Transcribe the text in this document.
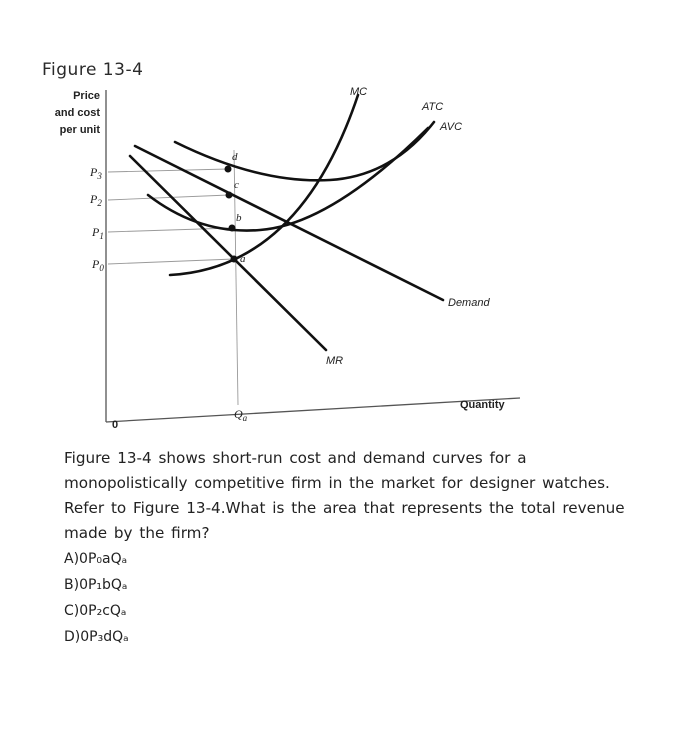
Figure 13-4
Price
and cost
per unit
d
c
b
a
MC
ATC
AVC
Demand
MR
Quantity
0
$P_3$
$P_2$
$P_1$
$P_0$
$Q_a$

Figure 13-4 shows short-run cost and demand curves for a monopolistically competitive firm in the market for designer watches.

Refer to Figure 13-4.What is the area that represents the total revenue made by the firm?

A)0P₀aQₐ

B)0P₁bQₐ

C)0P₂cQₐ

D)0P₃dQₐ
